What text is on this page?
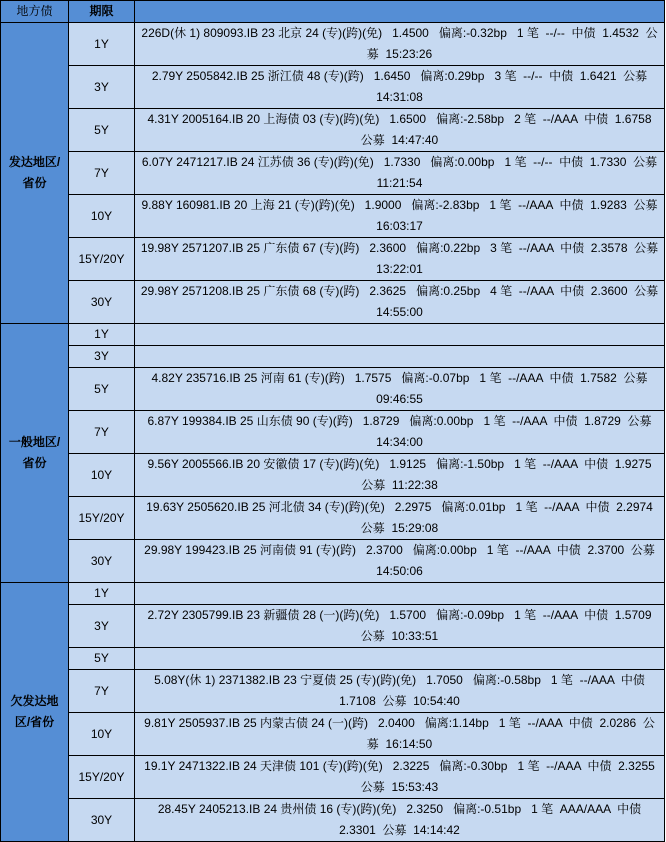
地方债	期限	
发达地区/省份	1Y	226D(休 1) 809093.IB 23 北京 24 (专)(跨)(免)   1.4500   偏离:-0.32bp   1 笔  --/--  中债  1.4532  公募  15:23:26
	3Y	2.79Y 2505842.IB 25 浙江债 48 (专)(跨)   1.6450   偏离:0.29bp   3 笔  --/--  中债  1.6421  公募  14:31:08
	5Y	4.31Y 2005164.IB 20 上海债 03 (专)(跨)(免)   1.6500   偏离:-2.58bp   2 笔  --/AAA  中债  1.6758  公募  14:47:40
	7Y	6.07Y 2471217.IB 24 江苏债 36 (专)(跨)(免)   1.7330   偏离:0.00bp   1 笔  --/--  中债  1.7330  公募  11:21:54
	10Y	9.88Y 160981.IB 20 上海 21 (专)(跨)(免)   1.9000   偏离:-2.83bp   1 笔  --/AAA  中债  1.9283  公募  16:03:17
	15Y/20Y	19.98Y 2571207.IB 25 广东债 67 (专)(跨)   2.3600   偏离:0.22bp   3 笔  --/AAA  中债  2.3578  公募  13:22:01
	30Y	29.98Y 2571208.IB 25 广东债 68 (专)(跨)   2.3625   偏离:0.25bp   4 笔  --/AAA  中债  2.3600  公募  14:55:00
一般地区/省份	1Y	
	3Y	
	5Y	4.82Y 235716.IB 25 河南 61 (专)(跨)   1.7575   偏离:-0.07bp   1 笔  --/AAA  中债  1.7582  公募  09:46:55
	7Y	6.87Y 199384.IB 25 山东债 90 (专)(跨)   1.8729   偏离:0.00bp   1 笔  --/AAA  中债  1.8729  公募  14:34:00
	10Y	9.56Y 2005566.IB 20 安徽债 17 (专)(跨)(免)   1.9125   偏离:-1.50bp   1 笔  --/AAA  中债  1.9275  公募  11:22:38
	15Y/20Y	19.63Y 2505620.IB 25 河北债 34 (专)(跨)(免)   2.2975   偏离:0.01bp   1 笔  --/AAA  中债  2.2974  公募  15:29:08
	30Y	29.98Y 199423.IB 25 河南债 91 (专)(跨)   2.3700   偏离:0.00bp   1 笔  --/AAA  中债  2.3700  公募  14:50:06
欠发达地区/省份	1Y	
	3Y	2.72Y 2305799.IB 23 新疆债 28 (一)(跨)(免)   1.5700   偏离:-0.09bp   1 笔  --/AAA  中债  1.5709  公募  10:33:51
	5Y	
	7Y	5.08Y(休 1) 2371382.IB 23 宁夏债 25 (专)(跨)(免)   1.7050   偏离:-0.58bp   1 笔  --/AAA  中债  1.7108  公募  10:54:40
	10Y	9.81Y 2505937.IB 25 内蒙古债 24 (一)(跨)   2.0400   偏离:1.14bp   1 笔  --/AAA  中债  2.0286  公募  16:14:50
	15Y/20Y	19.1Y 2471322.IB 24 天津债 101 (专)(跨)(免)   2.3225   偏离:-0.30bp   1 笔  --/AAA  中债  2.3255  公募  15:53:43
	30Y	28.45Y 2405213.IB 24 贵州债 16 (专)(跨)(免)   2.3250   偏离:-0.51bp   1 笔  AAA/AAA  中债  2.3301  公募  14:14:42
